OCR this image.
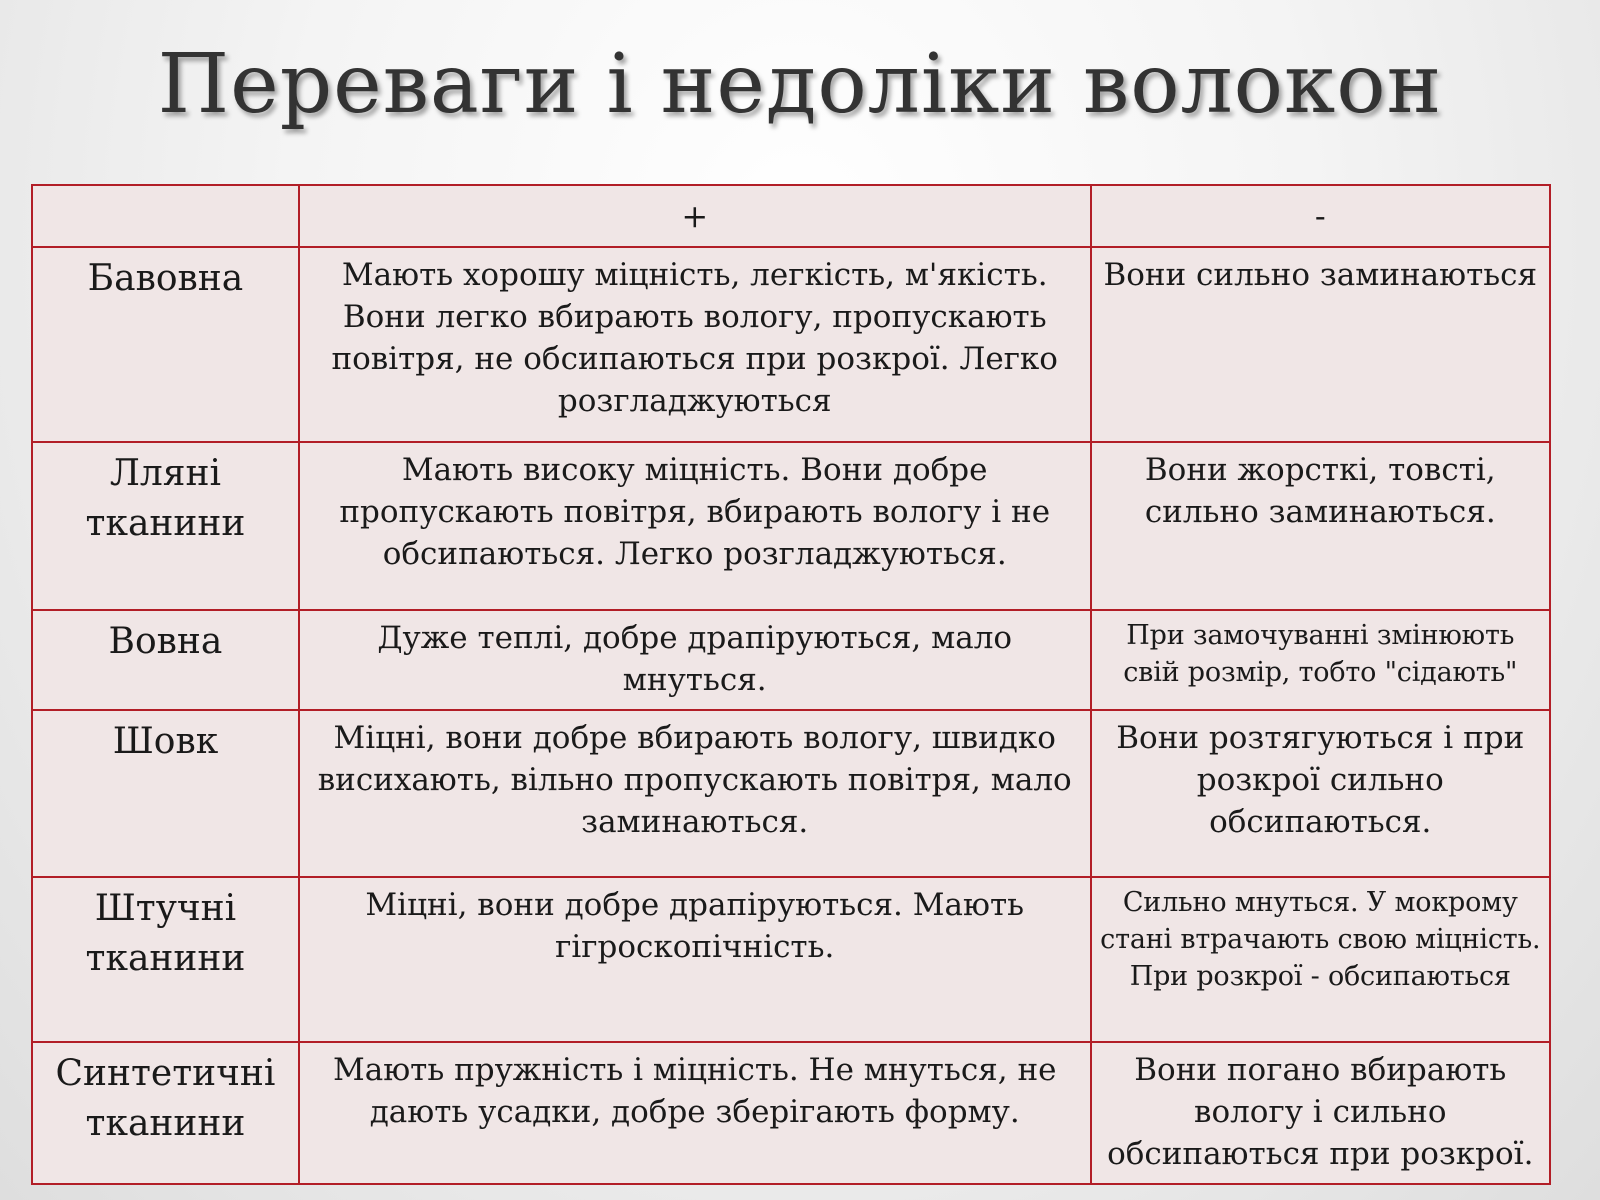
Переваги і недоліки волокон
	+	-
Бавовна	Мають хорошу міцність, легкість, м'якість. Вони легко вбирають вологу, пропускають повітря, не обсипаються при розкрої. Легко розгладжуються	Вони сильно заминаються
Лляні тканини	Мають високу міцність. Вони добре пропускають повітря, вбирають вологу і не обсипаються. Легко розгладжуються.	Вони жорсткі, товсті, сильно заминаються.
Вовна	Дуже теплі, добре драпіруються, мало мнуться.	При замочуванні змінюють свій розмір, тобто "сідають"
Шовк	Міцні, вони добре вбирають вологу, швидко висихають, вільно пропускають повітря, мало заминаються.	Вони розтягуються і при розкрої сильно обсипаються.
Штучні тканини	Міцні, вони добре драпіруються. Мають гігроскопічність.	Сильно мнуться. У мокрому стані втрачають свою міцність. При розкрої - обсипаються
Синтетичні тканини	Мають пружність і міцність. Не мнуться, не дають усадки, добре зберігають форму.	Вони погано вбирають вологу і сильно обсипаються при розкрої.
